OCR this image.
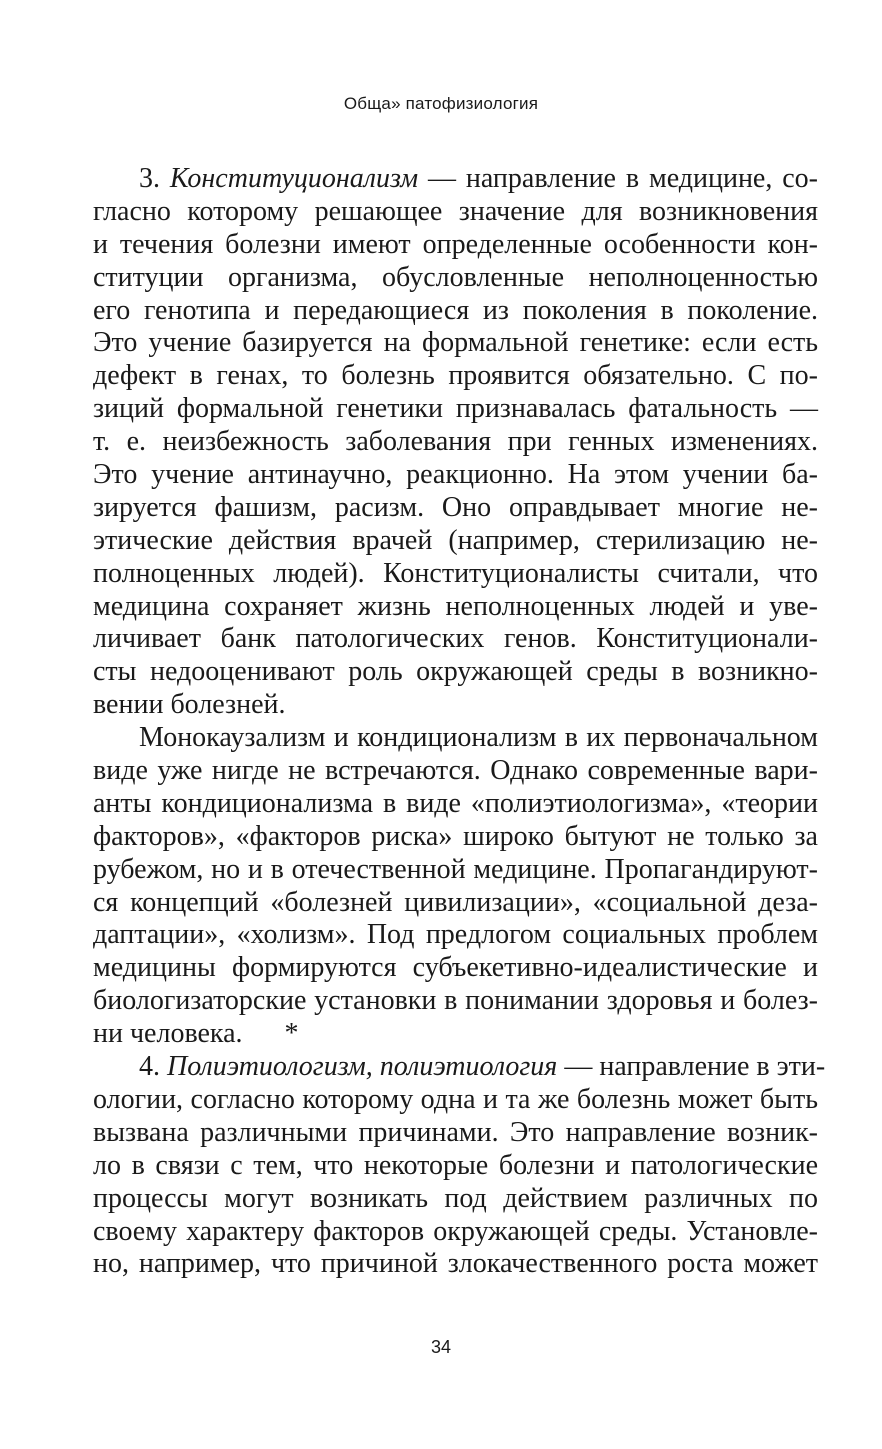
Обща» патофизиология
3. Конституционализм — направление в медицине, со-
гласно которому решающее значение для возникновения
и течения болезни имеют определенные особенности кон-
ституции организма, обусловленные неполноценностью
его генотипа и передающиеся из поколения в поколение.
Это учение базируется на формальной генетике: если есть
дефект в генах, то болезнь проявится обязательно. С по-
зиций формальной генетики признавалась фатальность —
т. е. неизбежность заболевания при генных изменениях.
Это учение антинаучно, реакционно. На этом учении ба-
зируется фашизм, расизм. Оно оправдывает многие не-
этические действия врачей (например, стерилизацию не-
полноценных людей). Конституционалисты считали, что
медицина сохраняет жизнь неполноценных людей и уве-
личивает банк патологических генов. Конституционали-
сты недооценивают роль окружающей среды в возникно-
вении болезней.
Монокаузализм и кондиционализм в их первоначальном
виде уже нигде не встречаются. Однако современные вари-
анты кондиционализма в виде «полиэтиологизма», «теории
факторов», «факторов риска» широко бытуют не только за
рубежом, но и в отечественной медицине. Пропагандируют-
ся концепций «болезней цивилизации», «социальной деза-
даптации», «холизм». Под предлогом социальных проблем
медицины формируются субъекетивно-идеалистические и
биологизаторские установки в понимании здоровья и болез-
ни человека.      *
4. Полиэтиологизм, полиэтиология — направление в эти-
ологии, согласно которому одна и та же болезнь может быть
вызвана различными причинами. Это направление возник-
ло в связи с тем, что некоторые болезни и патологические
процессы могут возникать под действием различных по
своему характеру факторов окружающей среды. Установле-
но, например, что причиной злокачественного роста может
34
